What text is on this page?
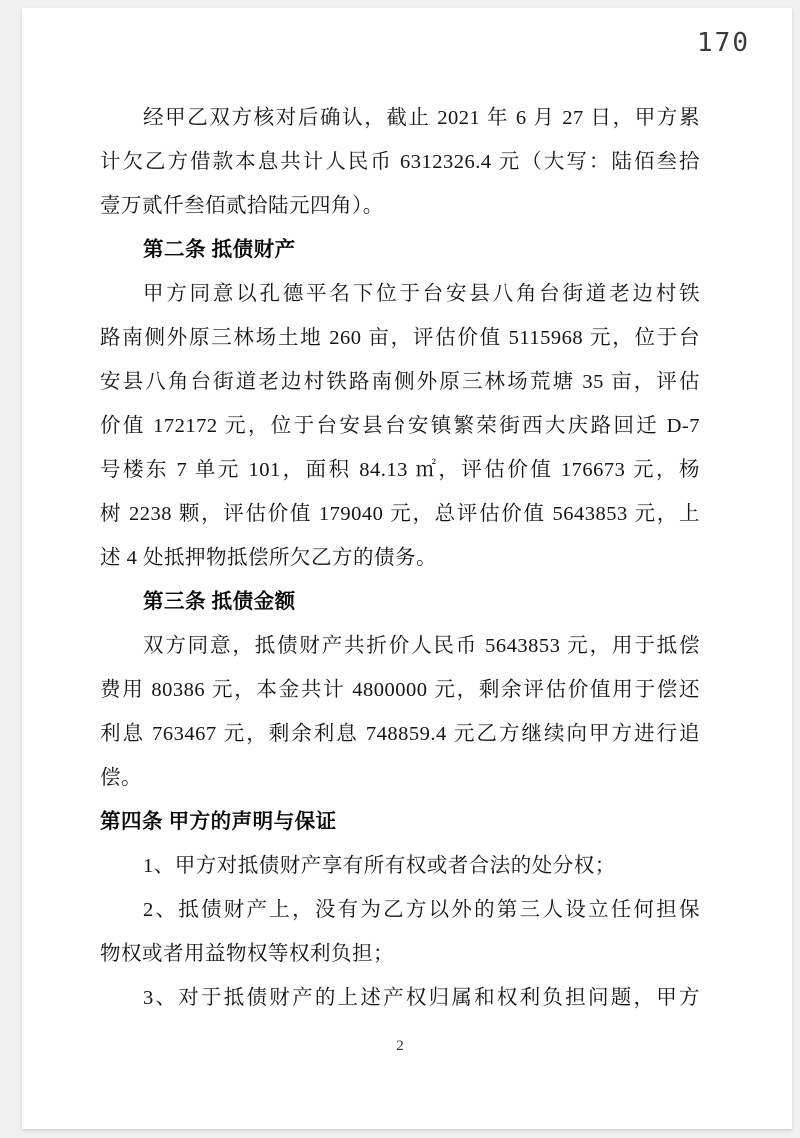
170
经甲乙双方核对后确认，截止 2021 年 6 月 27 日，甲方累
计欠乙方借款本息共计人民币 6312326.4 元（大写：陆佰叁拾
壹万贰仟叁佰贰拾陆元四角）。
第二条 抵债财产
甲方同意以孔德平名下位于台安县八角台街道老边村铁
路南侧外原三林场土地 260 亩，评估价值 5115968 元，位于台
安县八角台街道老边村铁路南侧外原三林场荒塘 35 亩，评估
价值 172172 元，位于台安县台安镇繁荣街西大庆路回迁 D-7
号楼东 7 单元 101，面积 84.13 ㎡，评估价值 176673 元，杨
树 2238 颗，评估价值 179040 元，总评估价值 5643853 元，上
述 4 处抵押物抵偿所欠乙方的债务。
第三条 抵债金额
双方同意，抵债财产共折价人民币 5643853 元，用于抵偿
费用 80386 元，本金共计 4800000 元，剩余评估价值用于偿还
利息 763467 元，剩余利息 748859.4 元乙方继续向甲方进行追
偿。
第四条 甲方的声明与保证
1、甲方对抵债财产享有所有权或者合法的处分权；
2、抵债财产上，没有为乙方以外的第三人设立任何担保
物权或者用益物权等权利负担；
3、对于抵债财产的上述产权归属和权利负担问题，甲方
2
